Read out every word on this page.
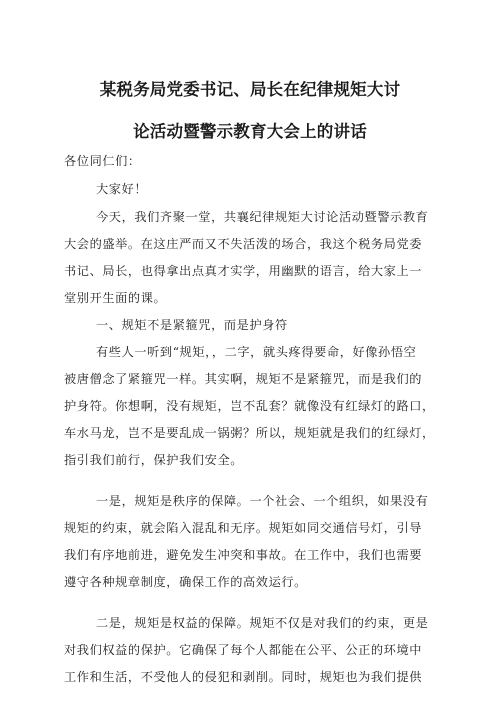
某税务局党委书记、局长在纪律规矩大讨
论活动暨警示教育大会上的讲话
各位同仁们：
大家好！
今天，我们齐聚一堂，共襄纪律规矩大讨论活动暨警示教育
大会的盛举。在这庄严而又不失活泼的场合，我这个税务局党委
书记、局长，也得拿出点真才实学，用幽默的语言，给大家上一
堂别开生面的课。
一、规矩不是紧箍咒，而是护身符
有些人一听到“规矩，，二字，就头疼得要命，好像孙悟空
被唐僧念了紧箍咒一样。其实啊，规矩不是紧箍咒，而是我们的
护身符。你想啊，没有规矩，岂不乱套？就像没有红绿灯的路口，
车水马龙，岂不是要乱成一锅粥？所以，规矩就是我们的红绿灯，
指引我们前行，保护我们安全。
一是，规矩是秩序的保障。一个社会、一个组织，如果没有
规矩的约束，就会陷入混乱和无序。规矩如同交通信号灯，引导
我们有序地前进，避免发生冲突和事故。在工作中，我们也需要
遵守各种规章制度，确保工作的高效运行。
二是，规矩是权益的保障。规矩不仅是对我们的约束，更是
对我们权益的保护。它确保了每个人都能在公平、公正的环境中
工作和生活，不受他人的侵犯和剥削。同时，规矩也为我们提供
